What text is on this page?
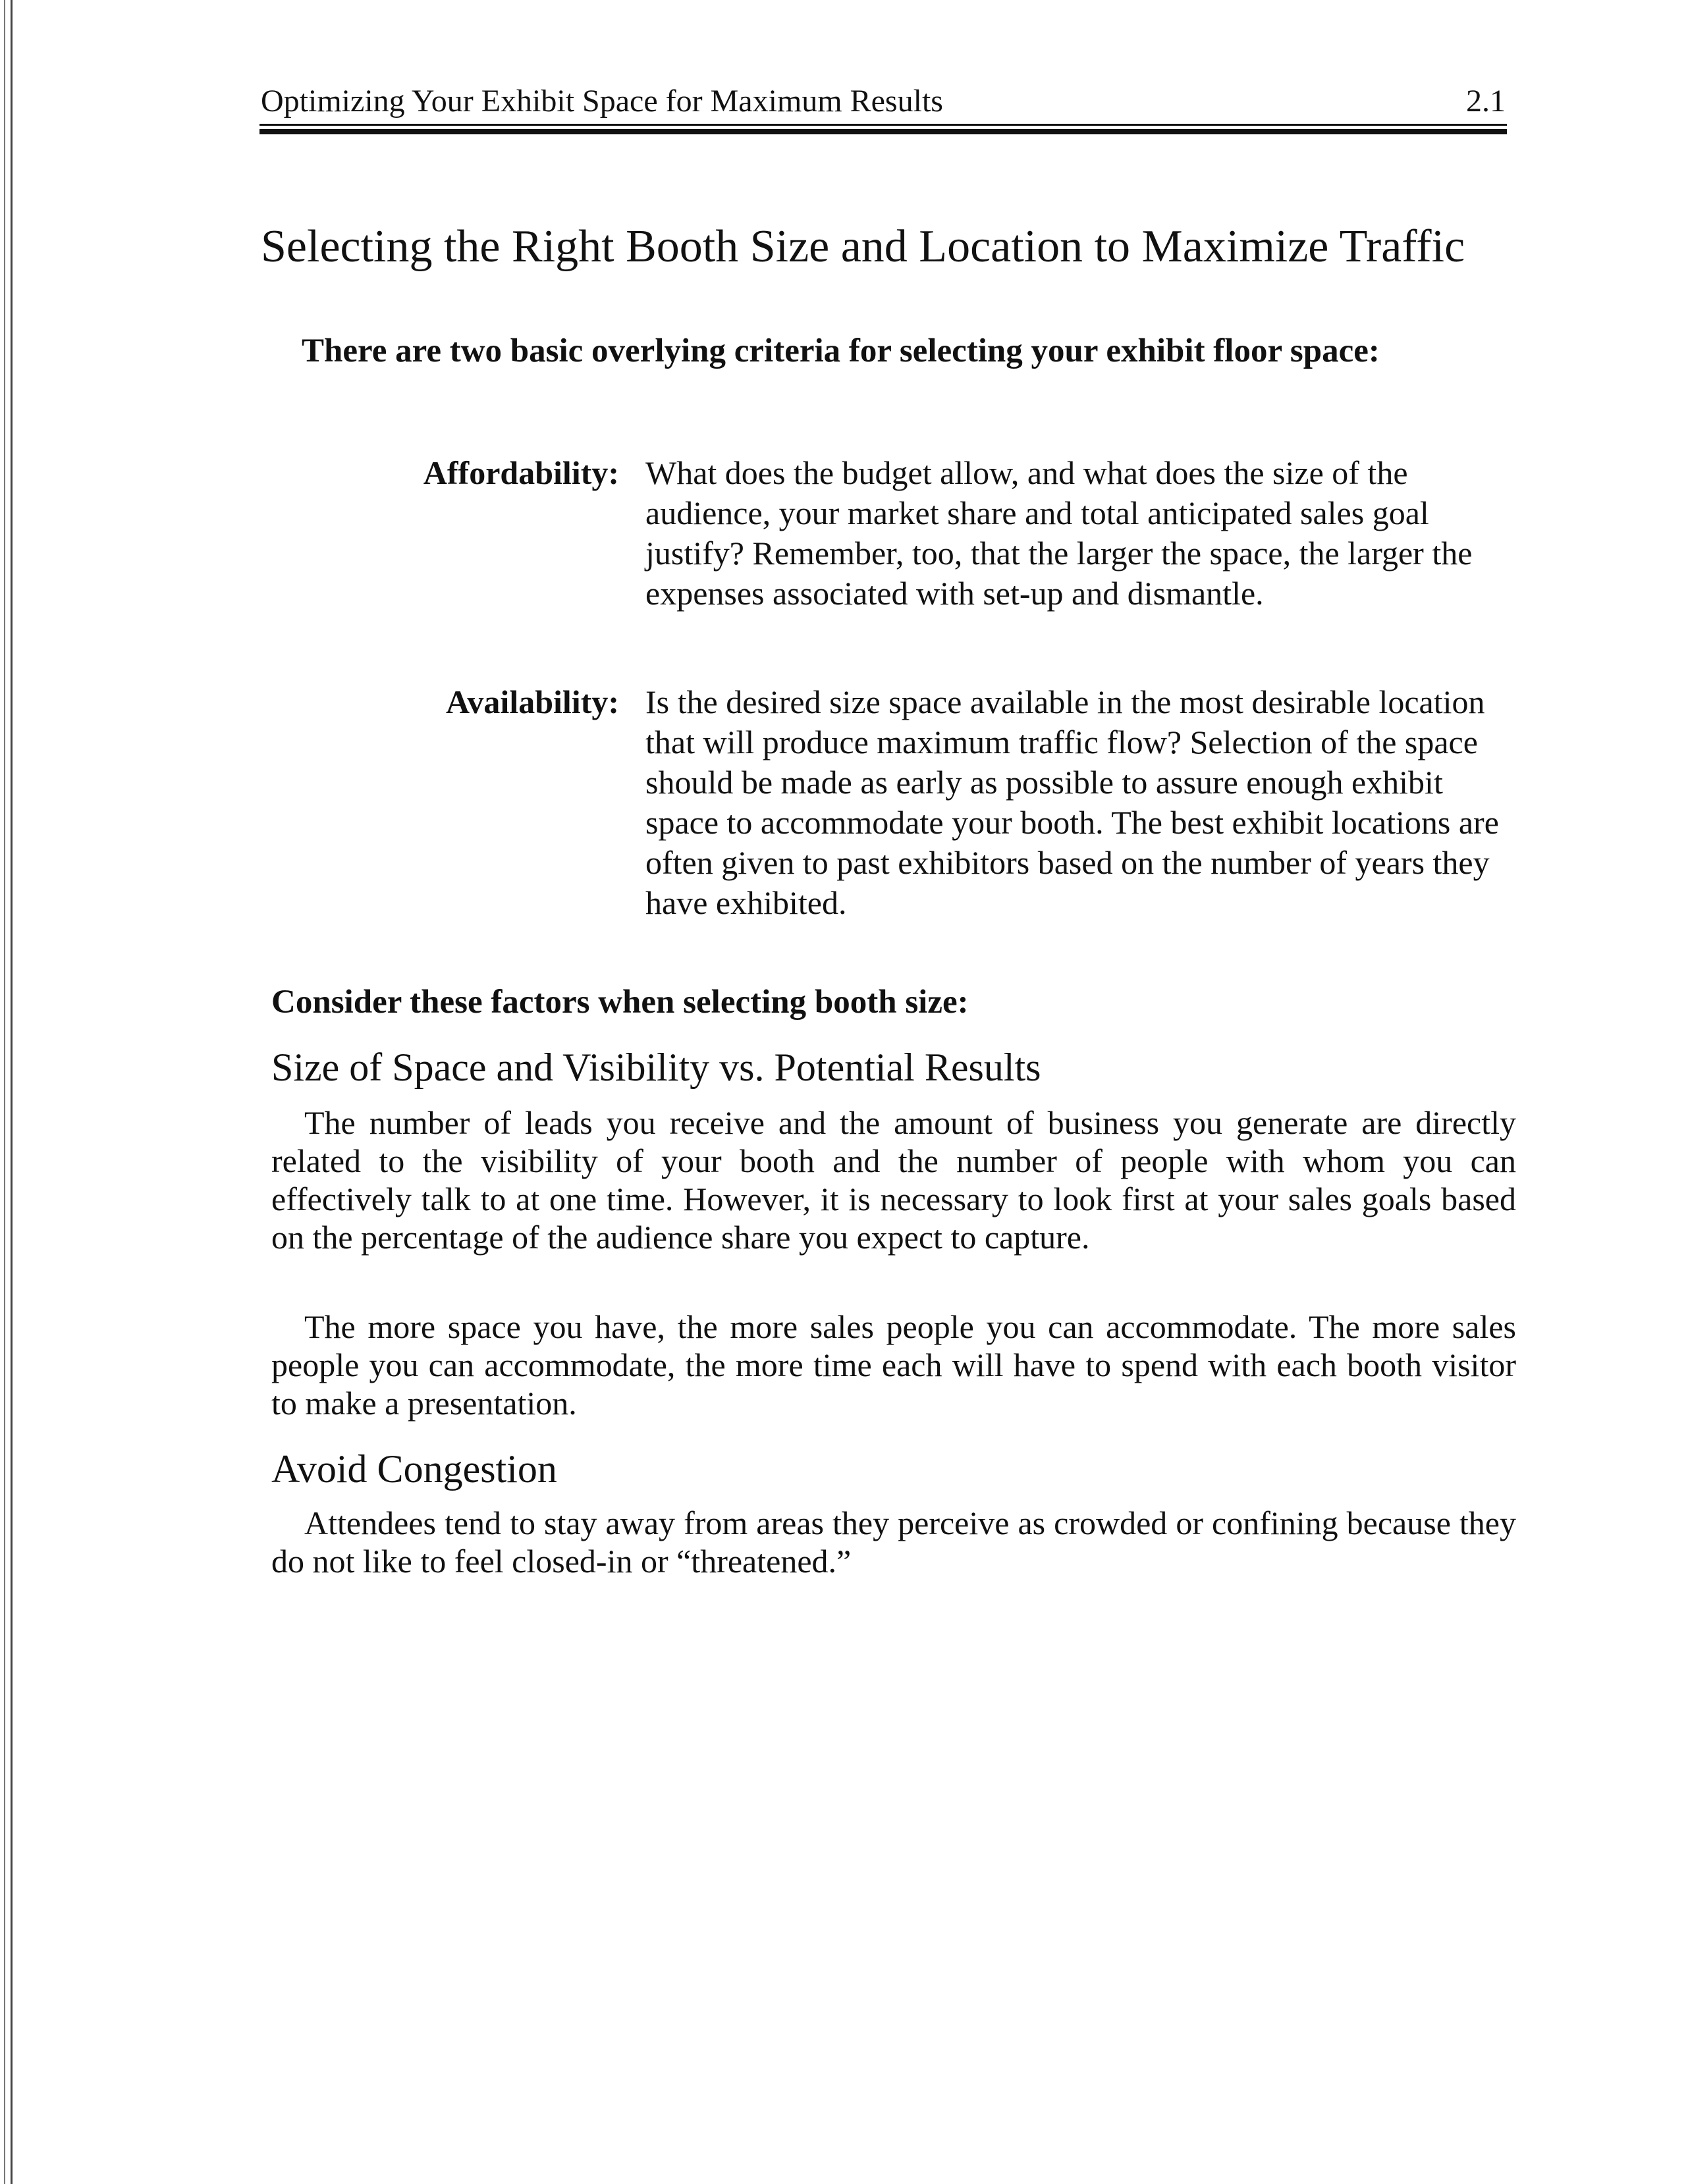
Optimizing Your Exhibit Space for Maximum Results	2.1
Selecting the Right Booth Size and Location to Maximize Traffic

There are two basic overlying criteria for selecting your exhibit floor space:

Affordability: What does the budget allow, and what does the size of the audience, your market share and total anticipated sales goal justify? Remember, too, that the larger the space, the larger the expenses associated with set-up and dismantle.

Availability: Is the desired size space available in the most desirable location that will produce maximum traffic flow? Selection of the space should be made as early as possible to assure enough exhibit space to accommodate your booth. The best exhibit locations are often given to past exhibitors based on the number of years they have exhibited.

Consider these factors when selecting booth size:
Size of Space and Visibility vs. Potential Results

The number of leads you receive and the amount of business you generate are directly related to the visibility of your booth and the number of people with whom you can effectively talk to at one time. However, it is necessary to look first at your sales goals based on the percentage of the audience share you expect to capture.

The more space you have, the more sales people you can accommodate. The more sales people you can accommodate, the more time each will have to spend with each booth visitor to make a presentation.

Avoid Congestion

Attendees tend to stay away from areas they perceive as crowded or confining because they do not like to feel closed-in or “threatened.”
